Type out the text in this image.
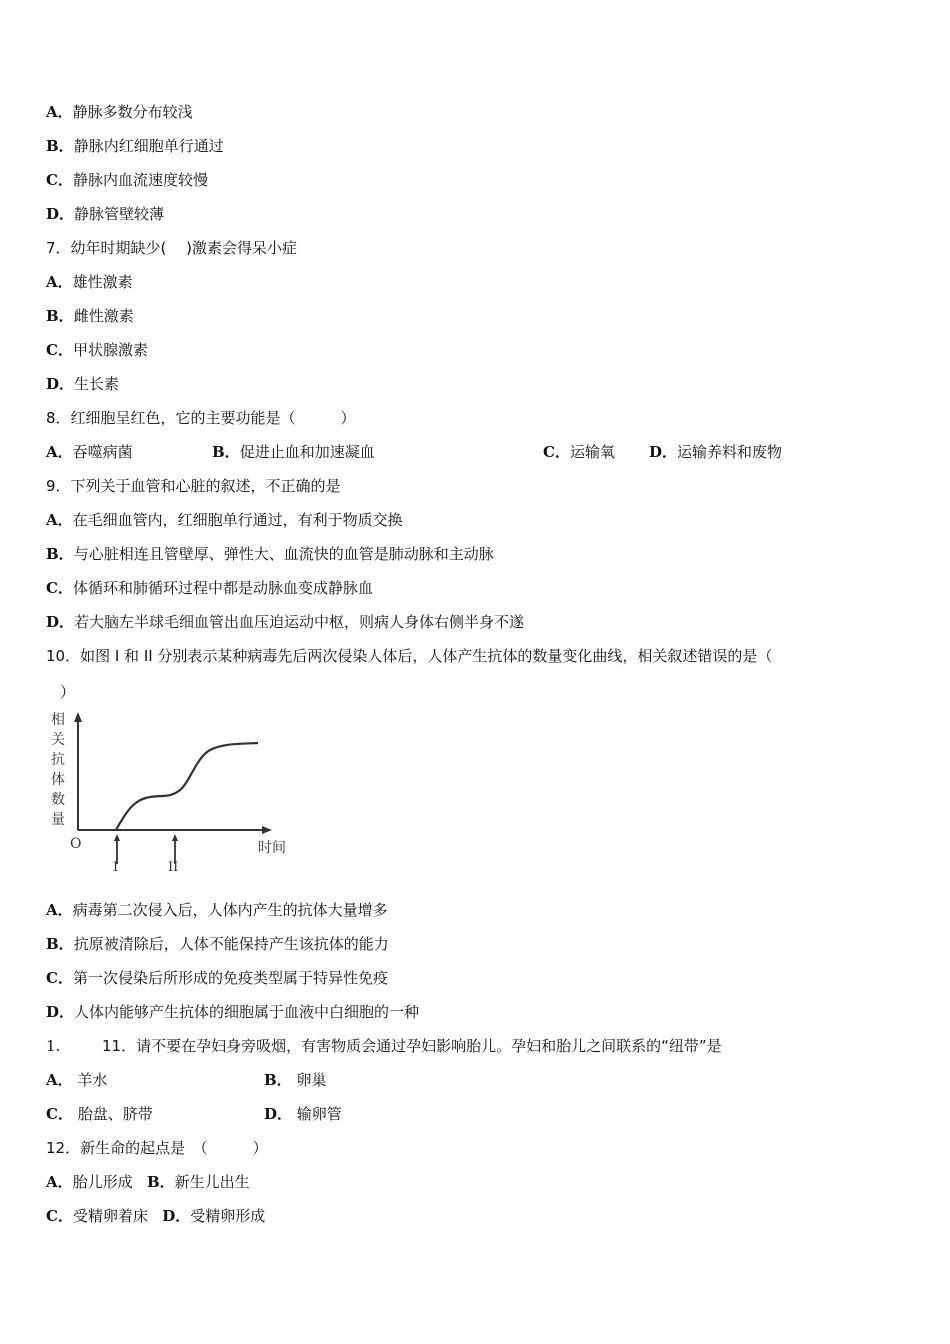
A．静脉多数分布较浅
B．静脉内红细胞单行通过
C．静脉内血流速度较慢
D．静脉管壁较薄
7．幼年时期缺少(　 )激素会得呆小症
A．雄性激素
B．雌性激素
C．甲状腺激素
D．生长素
8．红细胞呈红色，它的主要功能是（　　　）
A．吞噬病菌	B．促进止血和加速凝血	C．运输氧 D．运输养料和废物
9．下列关于血管和心脏的叙述，不正确的是
A．在毛细血管内，红细胞单行通过，有利于物质交换
B．与心脏相连且管壁厚、弹性大、血流快的血管是肺动脉和主动脉
C．体循环和肺循环过程中都是动脉血变成静脉血
D．若大脑左半球毛细血管出血压迫运动中枢，则病人身体右侧半身不遂
10．如图 I 和 II 分别表示某种病毒先后两次侵染人体后，人体产生抗体的数量变化曲线，相关叙述错误的是（
）
相
关
抗
体
数
量
O	时间
I	II
A．病毒第二次侵入后，人体内产生的抗体大量增多
B．抗原被清除后，人体不能保持产生该抗体的能力
C．第一次侵染后所形成的免疫类型属于特异性免疫
D．人体内能够产生抗体的细胞属于血液中白细胞的一种
1.	11．请不要在孕妇身旁吸烟，有害物质会通过孕妇影响胎儿。孕妇和胎儿之间联系的“纽带”是
A． 羊水	B． 卵巢
C． 胎盘、脐带	D． 输卵管
12．新生命的起点是　（　　　）
A．胎儿形成 B．新生儿出生
C．受精卵着床 D．受精卵形成
